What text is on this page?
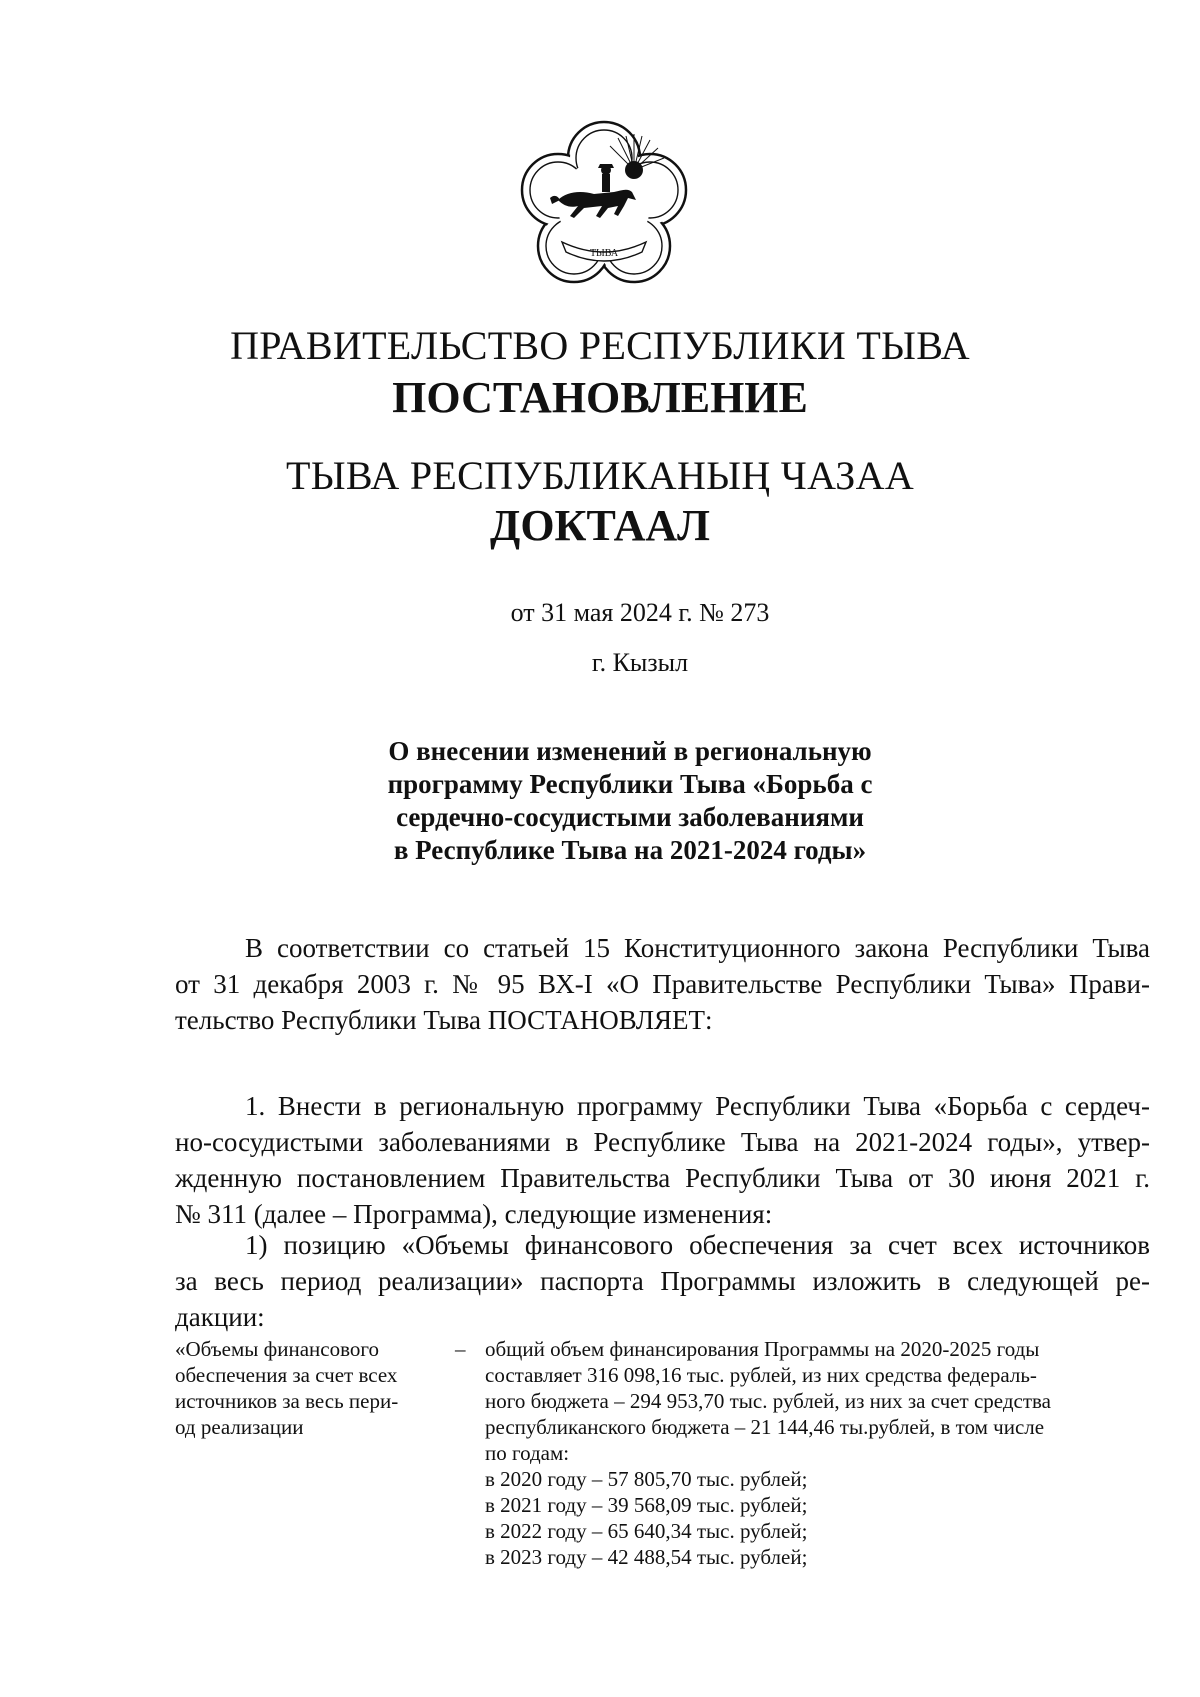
ТЫВА
ПРАВИТЕЛЬСТВО РЕСПУБЛИКИ ТЫВА
ПОСТАНОВЛЕНИЕ
ТЫВА РЕСПУБЛИКАНЫҢ ЧАЗАА
ДОКТААЛ
от 31 мая 2024 г. № 273
г. Кызыл
О внесении изменений в региональную
программу Республики Тыва «Борьба с
сердечно-сосудистыми заболеваниями
в Республике Тыва на 2021-2024 годы»
В соответствии со статьей 15 Конституционного закона Республики Тыва
от 31 декабря 2003 г. № 95 ВХ-I «О Правительстве Республики Тыва» Прави-
тельство Республики Тыва ПОСТАНОВЛЯЕТ:
1. Внести в региональную программу Республики Тыва «Борьба с сердеч-
но-сосудистыми заболеваниями в Республике Тыва на 2021-2024 годы», утвер-
жденную постановлением Правительства Республики Тыва от 30 июня 2021 г.
№ 311 (далее – Программа), следующие изменения:
1) позицию «Объемы финансового обеспечения за счет всех источников
за весь период реализации» паспорта Программы изложить в следующей ре-
дакции:
«Объемы финансового
обеспечения за счет всех
источников за весь пери-
од реализации
– общий объем финансирования Программы на 2020-2025 годы
составляет 316 098,16 тыс. рублей, из них средства федераль-
ного бюджета – 294 953,70 тыс. рублей, из них за счет средства
республиканского бюджета – 21 144,46 ты.рублей, в том числе
по годам:
в 2020 году – 57 805,70 тыс. рублей;
в 2021 году – 39 568,09 тыс. рублей;
в 2022 году – 65 640,34 тыс. рублей;
в 2023 году – 42 488,54 тыс. рублей;
